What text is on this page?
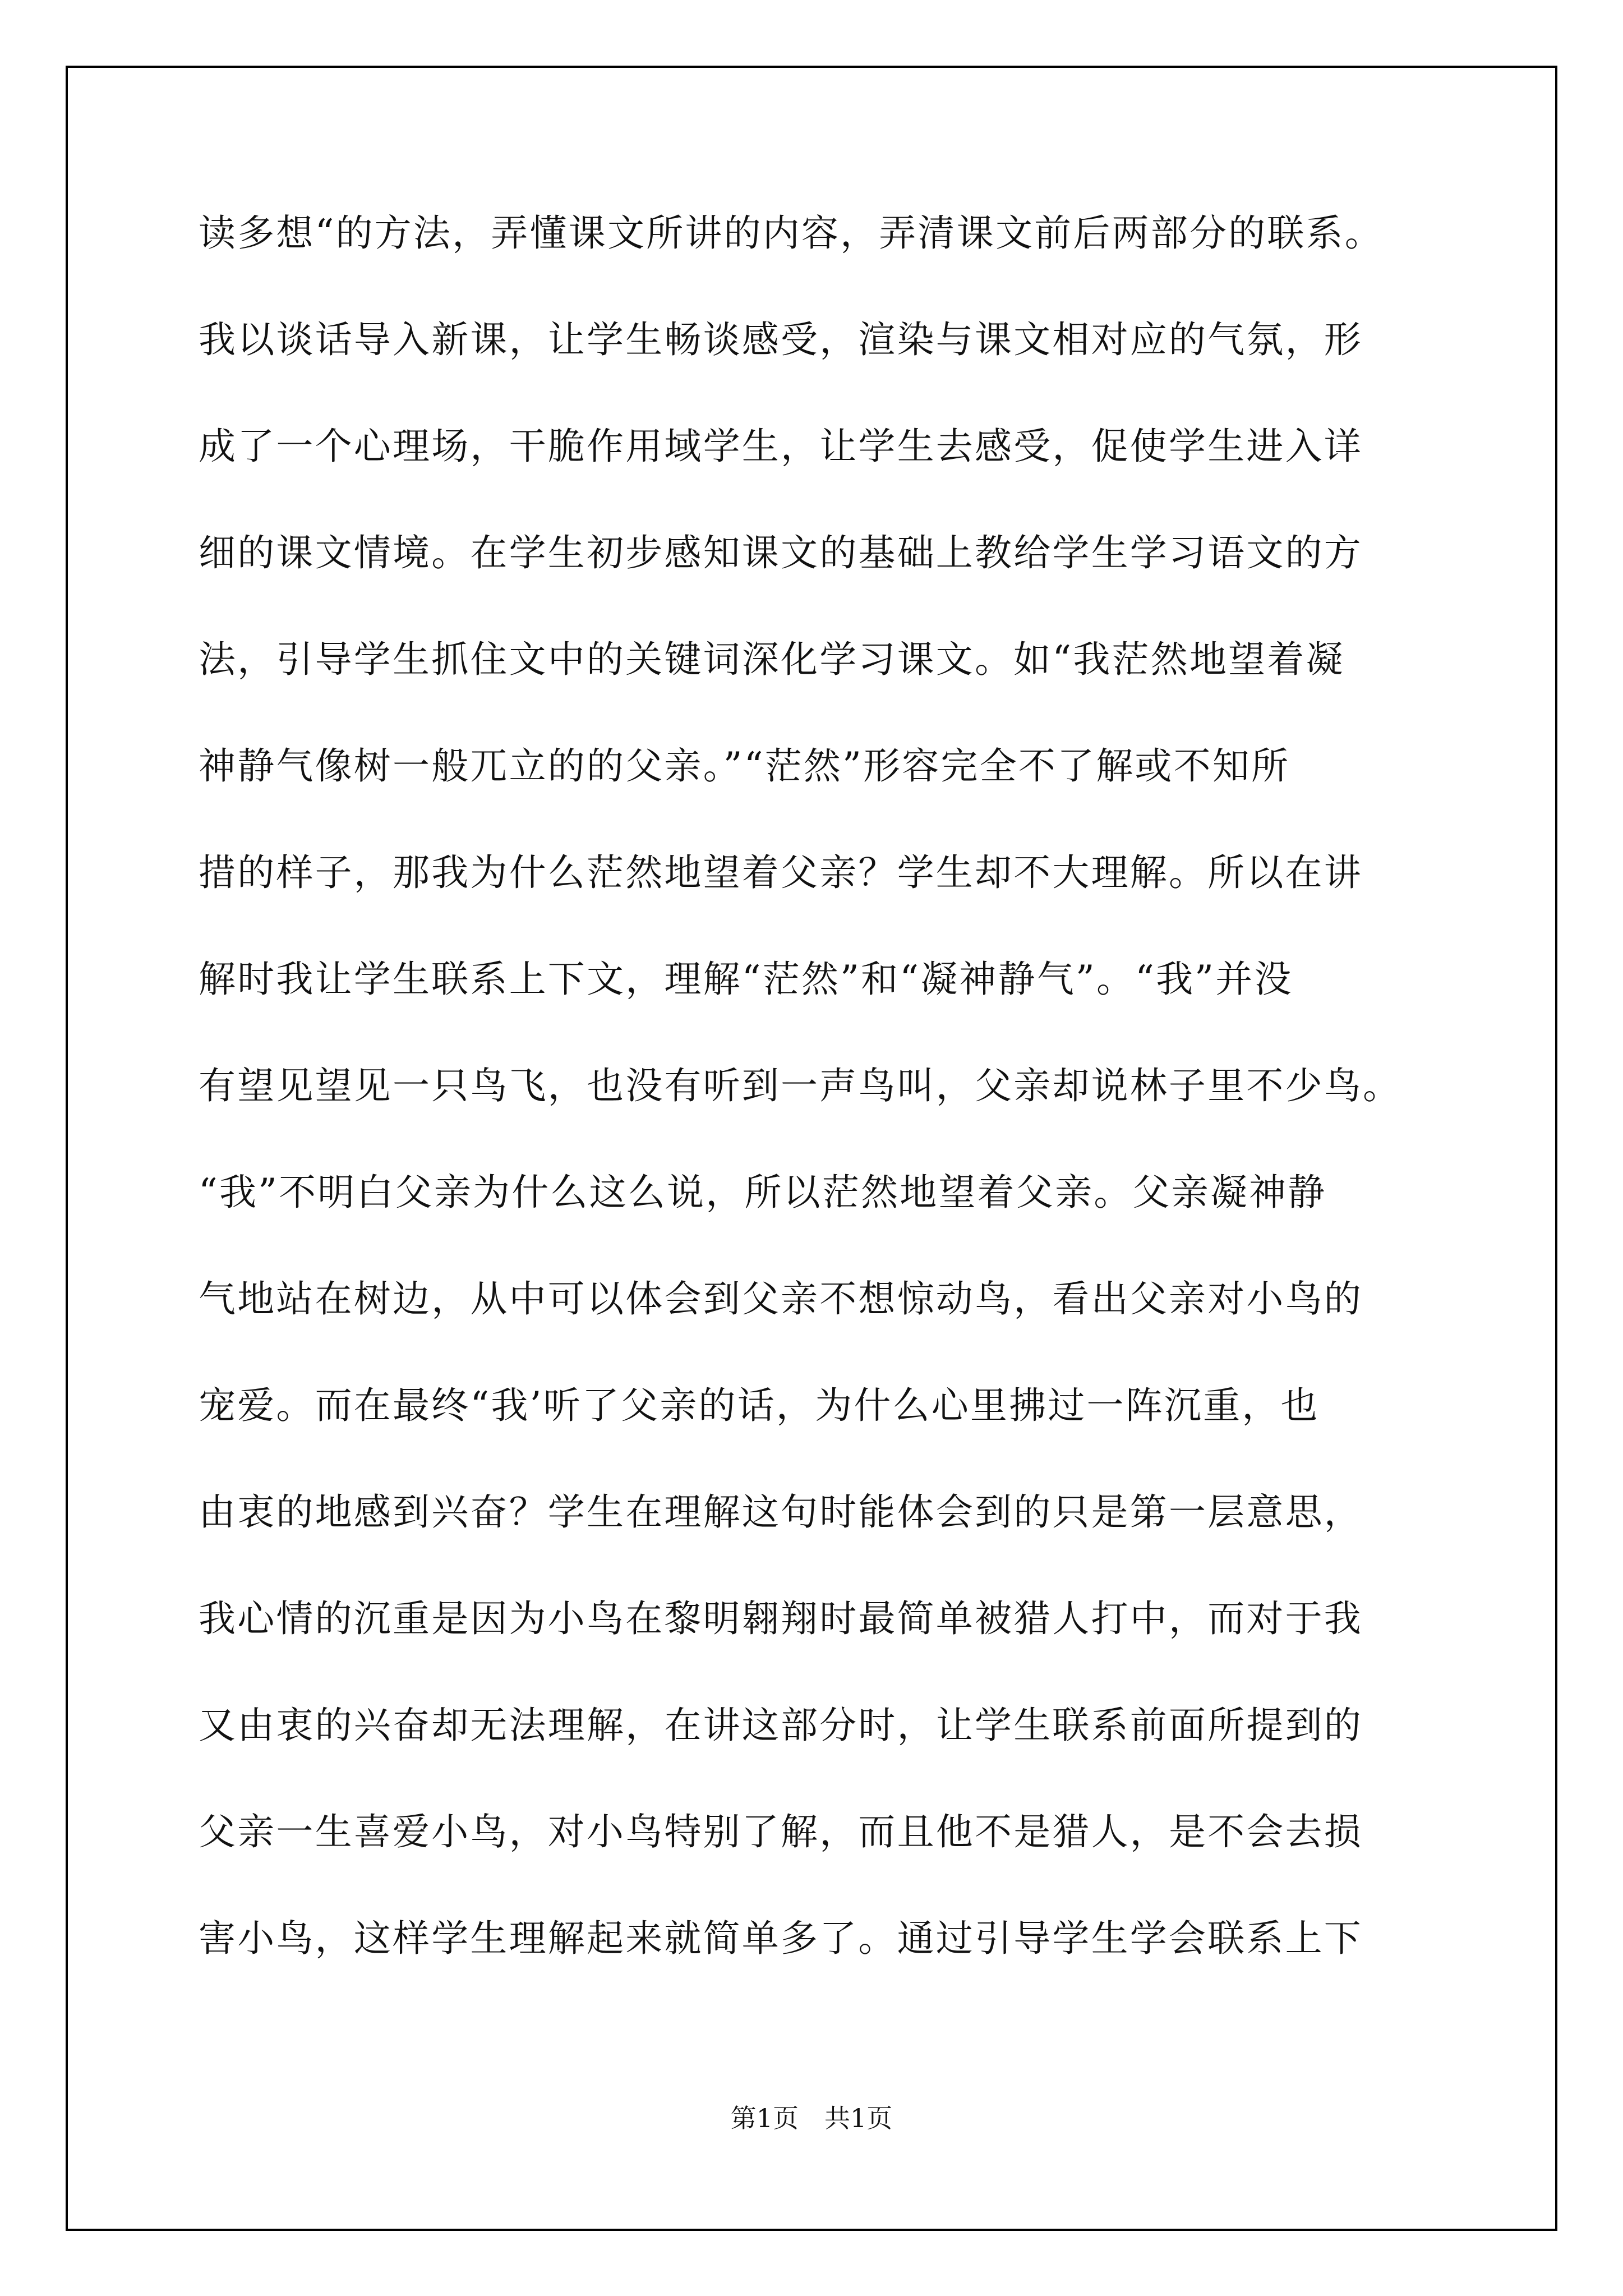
读多想“的方法，弄懂课文所讲的内容，弄清课文前后两部分的联系。
我以谈话导入新课，让学生畅谈感受，渲染与课文相对应的气氛，形
成了一个心理场，干脆作用域学生，让学生去感受，促使学生进入详
细的课文情境。在学生初步感知课文的基础上教给学生学习语文的方
法，引导学生抓住文中的关键词深化学习课文。如“我茫然地望着凝
神静气像树一般兀立的的父亲。”“茫然”形容完全不了解或不知所
措的样子，那我为什么茫然地望着父亲？学生却不大理解。所以在讲
解时我让学生联系上下文，理解“茫然”和“凝神静气”。“我”并没
有望见望见一只鸟飞，也没有听到一声鸟叫，父亲却说林子里不少鸟。
“我”不明白父亲为什么这么说，所以茫然地望着父亲。父亲凝神静
气地站在树边，从中可以体会到父亲不想惊动鸟，看出父亲对小鸟的
宠爱。而在最终“我’听了父亲的话，为什么心里拂过一阵沉重，也
由衷的地感到兴奋？学生在理解这句时能体会到的只是第一层意思，
我心情的沉重是因为小鸟在黎明翱翔时最简单被猎人打中，而对于我
又由衷的兴奋却无法理解，在讲这部分时，让学生联系前面所提到的
父亲一生喜爱小鸟，对小鸟特别了解，而且他不是猎人，是不会去损
害小鸟，这样学生理解起来就简单多了。通过引导学生学会联系上下
第1页　共1页
